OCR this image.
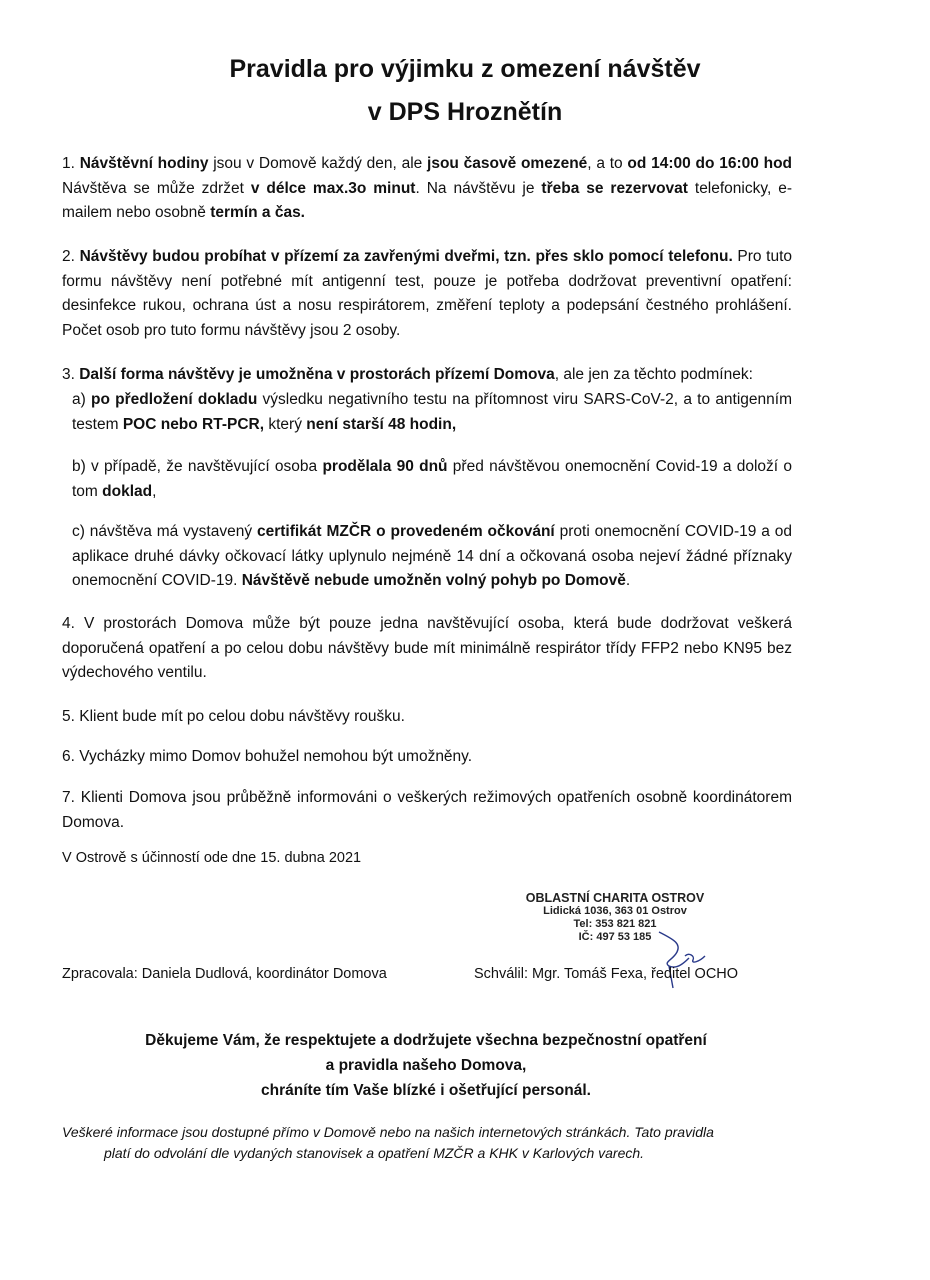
Pravidla pro výjimku z omezení návštěv
v DPS Hroznětín
1. Návštěvní hodiny jsou v Domově každý den, ale jsou časově omezené, a to od 14:00 do 16:00 hod Návštěva se může zdržet v délce max.3o minut. Na návštěvu je třeba se rezervovat telefonicky, e-mailem nebo osobně termín a čas.
2. Návštěvy budou probíhat v přízemí za zavřenými dveřmi, tzn. přes sklo pomocí telefonu. Pro tuto formu návštěvy není potřebné mít antigenní test, pouze je potřeba dodržovat preventivní opatření: desinfekce rukou, ochrana úst a nosu respirátorem, změření teploty a podepsání čestného prohlášení. Počet osob pro tuto formu návštěvy jsou 2 osoby.
3. Další forma návštěvy je umožněna v prostorách přízemí Domova, ale jen za těchto podmínek:
a) po předložení dokladu výsledku negativního testu na přítomnost viru SARS-CoV-2, a to antigenním testem POC nebo RT-PCR, který není starší 48 hodin,
b) v případě, že navštěvující osoba prodělala 90 dnů před návštěvou onemocnění Covid-19 a doloží o tom doklad,
c) návštěva má vystavený certifikát MZČR o provedeném očkování proti onemocnění COVID-19 a od aplikace druhé dávky očkovací látky uplynulo nejméně 14 dní a očkovaná osoba nejeví žádné příznaky onemocnění COVID-19. Návštěvě nebude umožněn volný pohyb po Domově.
4. V prostorách Domova může být pouze jedna navštěvující osoba, která bude dodržovat veškerá doporučená opatření a po celou dobu návštěvy bude mít minimálně respirátor třídy FFP2 nebo KN95 bez výdechového ventilu.
5. Klient bude mít po celou dobu návštěvy roušku.
6. Vycházky mimo Domov bohužel nemohou být umožněny.
7. Klienti Domova jsou průběžně informováni o veškerých režimových opatřeních osobně koordinátorem Domova.
V Ostrově s účinností ode dne 15. dubna 2021
OBLASTNÍ CHARITA OSTROV
Lidická 1036, 363 01 Ostrov
Tel: 353 821 821
IČ: 497 53 185
Zpracovala: Daniela Dudlová, koordinátor Domova	Schválil: Mgr. Tomáš Fexa, ředitel OCHO
Děkujeme Vám, že respektujete a dodržujete všechna bezpečnostní opatření
a pravidla našeho Domova,
chráníte tím Vaše blízké i ošetřující personál.
Veškeré informace jsou dostupné přímo v Domově nebo na našich internetových stránkách. Tato pravidla
platí do odvolání dle vydaných stanovisek a opatření MZČR a KHK v Karlových varech.
